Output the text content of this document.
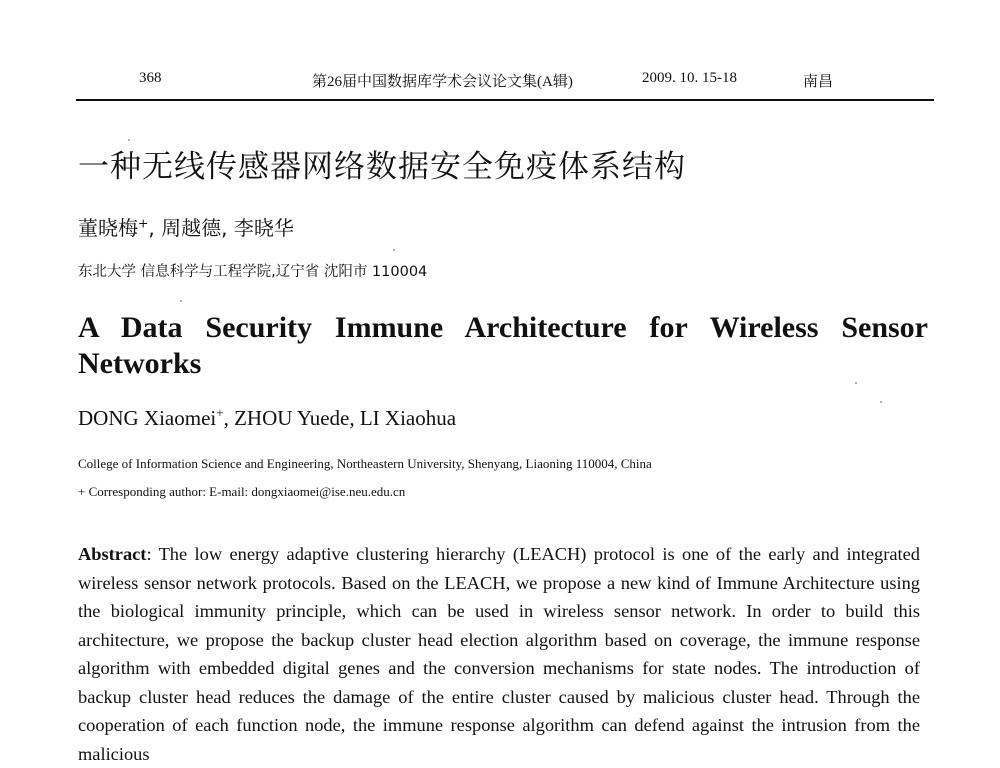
368	第26届中国数据库学术会议论文集(A辑)	2009. 10. 15-18	南昌
一种无线传感器网络数据安全免疫体系结构
董晓梅+, 周越德, 李晓华
东北大学 信息科学与工程学院,辽宁省 沈阳市 110004
A Data Security Immune Architecture for Wireless Sensor Networks
DONG Xiaomei+, ZHOU Yuede, LI Xiaohua
College of Information Science and Engineering, Northeastern University, Shenyang, Liaoning 110004, China
+ Corresponding author: E-mail: dongxiaomei@ise.neu.edu.cn
Abstract: The low energy adaptive clustering hierarchy (LEACH) protocol is one of the early and integrated wireless sensor network protocols. Based on the LEACH, we propose a new kind of Immune Architecture using the biological immunity principle, which can be used in wireless sensor network. In order to build this architecture, we propose the backup cluster head election algorithm based on coverage, the immune response algorithm with embedded digital genes and the conversion mechanisms for state nodes. The introduction of backup cluster head reduces the damage of the entire cluster caused by malicious cluster head. Through the cooperation of each function node, the immune response algorithm can defend against the intrusion from the malicious
